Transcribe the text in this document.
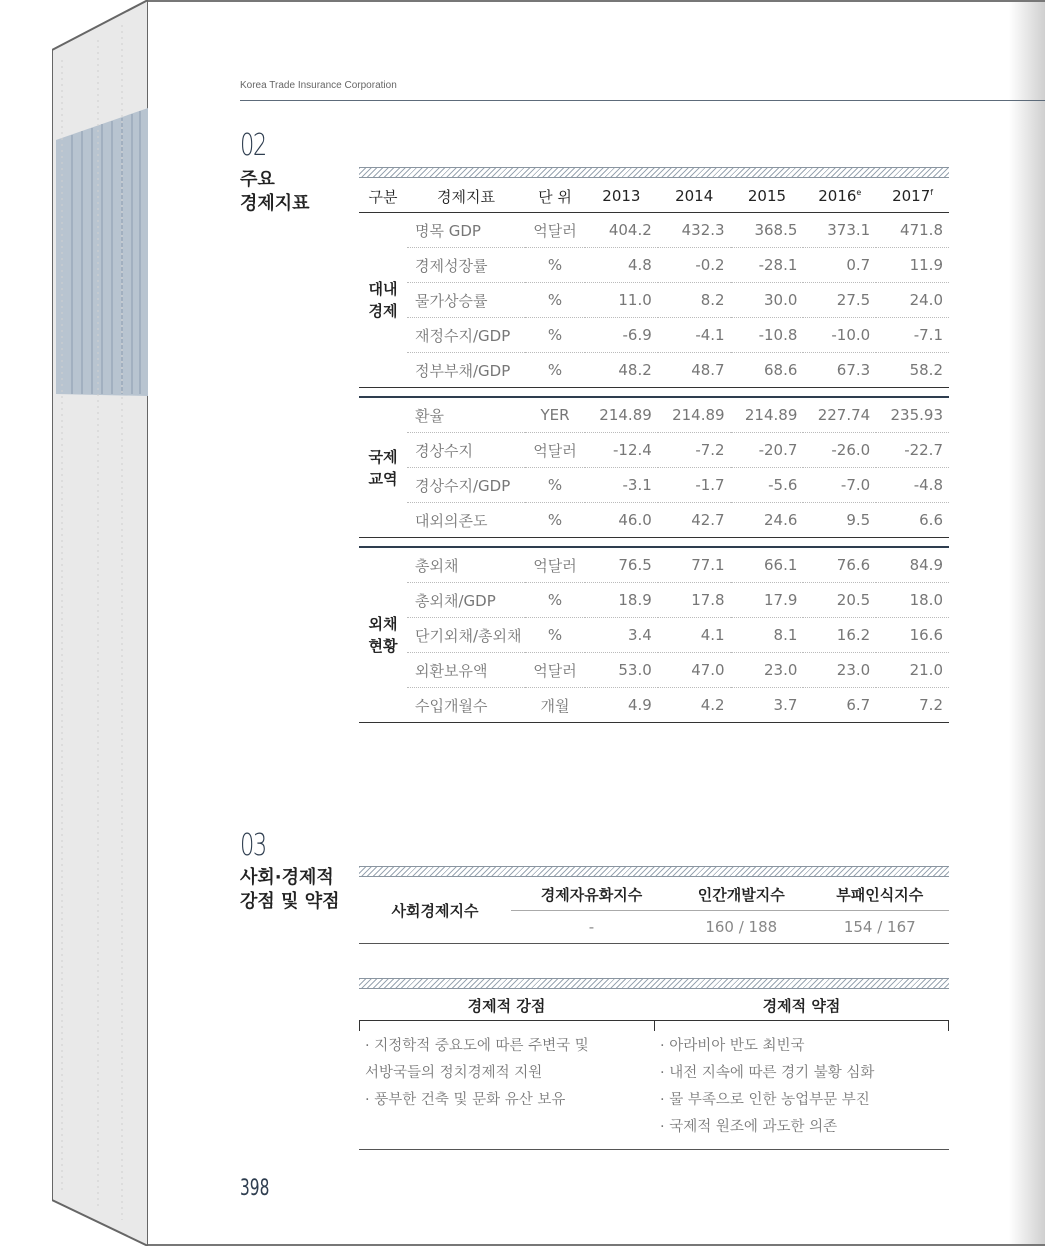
Korea Trade Insurance Corporation
02
주요
경제지표	구분	경제지표	단 위	2013	2014	2015	2016e	2017$^f$

대내
경제	명목 GDP	억달러	404.2	432.3	368.5	373.1	471.8
	경제성장률	%	4.8	-0.2	-28.1	0.7	11.9
	물가상승률	%	11.0	8.2	30.0	27.5	24.0
	재정수지/GDP	%	-6.9	-4.1	-10.8	-10.0	-7.1
	정부부채/GDP	%	48.2	48.7	68.6	67.3	58.2

국제
교역	환율	YER	214.89	214.89	214.89	227.74	235.93
	경상수지	억달러	-12.4	-7.2	-20.7	-26.0	-22.7
	경상수지/GDP	%	-3.1	-1.7	-5.6	-7.0	-4.8
	대외의존도	%	46.0	42.7	24.6	9.5	6.6

외채
현황	총외채	억달러	76.5	77.1	66.1	76.6	84.9
	총외채/GDP	%	18.9	17.8	17.9	20.5	18.0
	단기외채/총외채	%	3.4	4.1	8.1	16.2	16.6
	외환보유액	억달러	53.0	47.0	23.0	23.0	21.0
	수입개월수	개월	4.9	4.2	3.7	6.7	7.2
03
사회·경제적
강점 및 약점	사회경제지수	경제자유화지수	인간개발지수	부패인식지수
	-	160 / 188	154 / 167
경제적 강점	경제적 약점
· 지정학적 중요도에 따른 주변국 및
서방국들의 정치경제적 지원
· 풍부한 건축 및 문화 유산 보유
· 아라비아 반도 최빈국
· 내전 지속에 따른 경기 불황 심화
· 물 부족으로 인한 농업부문 부진
· 국제적 원조에 과도한 의존
398
